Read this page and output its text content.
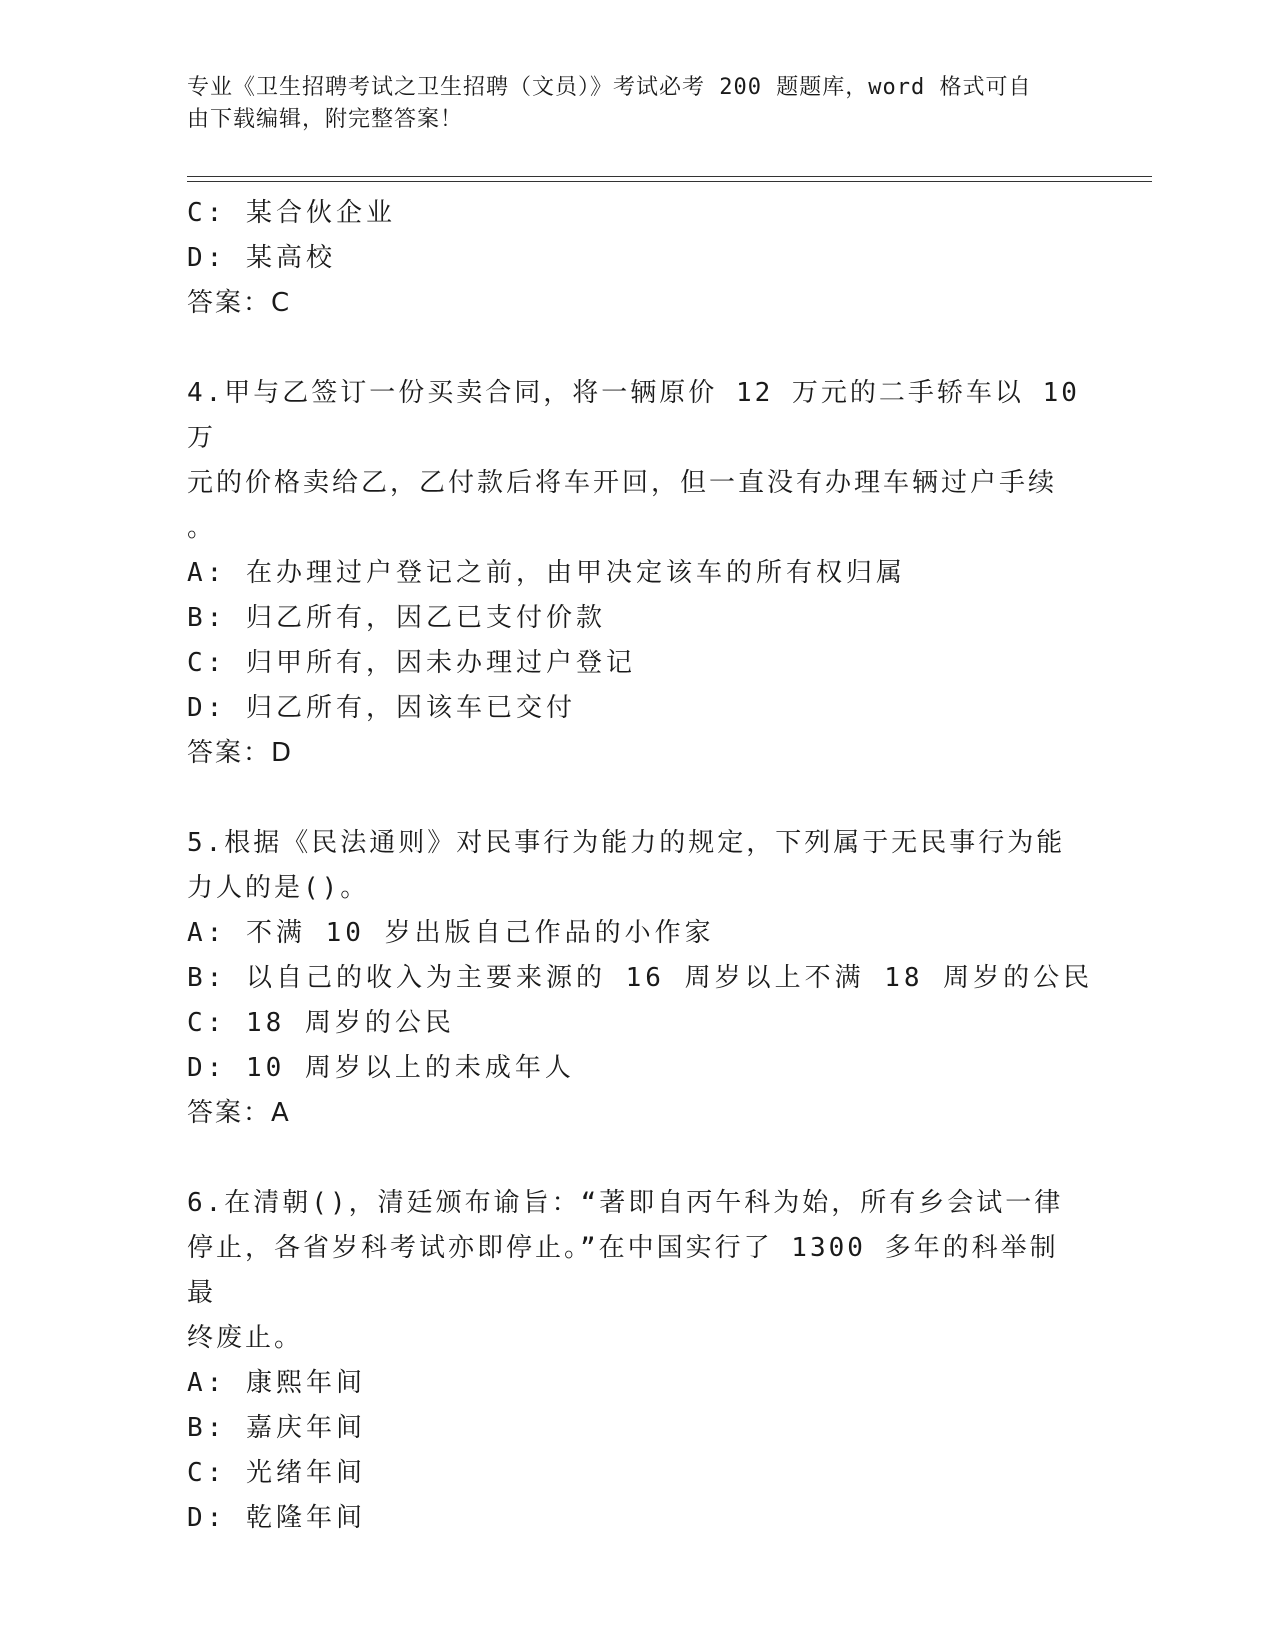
专业《卫生招聘考试之卫生招聘（文员）》考试必考 200 题题库，word 格式可自
由下载编辑，附完整答案！
C: 某合伙企业
D: 某高校
答案：C
4.甲与乙签订一份买卖合同，将一辆原价 12 万元的二手轿车以 10 万
元的价格卖给乙，乙付款后将车开回，但一直没有办理车辆过户手续
。
A: 在办理过户登记之前，由甲决定该车的所有权归属
B: 归乙所有，因乙已支付价款
C: 归甲所有，因未办理过户登记
D: 归乙所有，因该车已交付
答案：D
5.根据《民法通则》对民事行为能力的规定，下列属于无民事行为能
力人的是()。
A: 不满 10 岁出版自己作品的小作家
B: 以自己的收入为主要来源的 16 周岁以上不满 18 周岁的公民
C: 18 周岁的公民
D: 10 周岁以上的未成年人
答案：A
6.在清朝()，清廷颁布谕旨：“著即自丙午科为始，所有乡会试一律
停止，各省岁科考试亦即停止。”在中国实行了 1300 多年的科举制最
终废止。
A: 康熙年间
B: 嘉庆年间
C: 光绪年间
D: 乾隆年间
